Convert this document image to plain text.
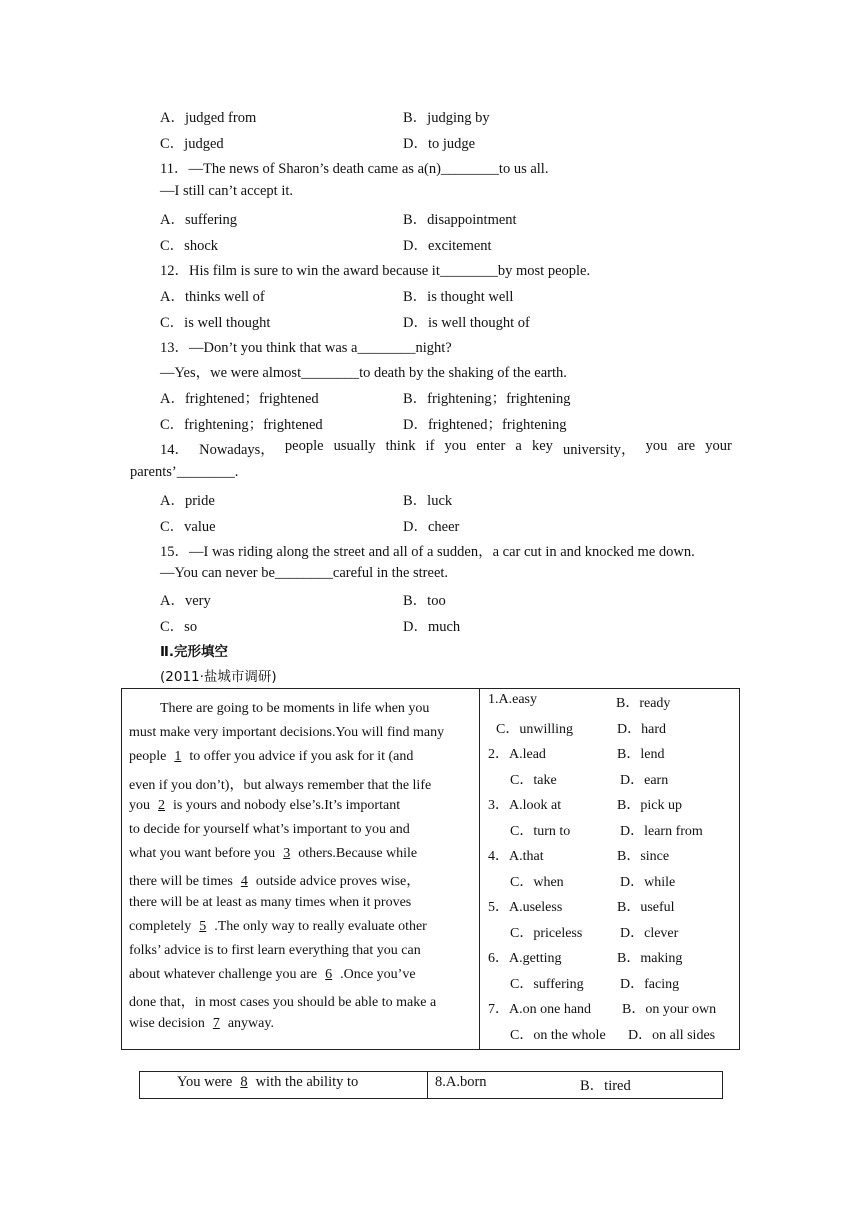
A．judged from	B．judging by
C．judged	D．to judge
11．—The news of Sharon’s death came as a(n)________to us all.
—I still can’t accept it.
A．suffering	B．disappointment
C．shock	D．excitement
12．His film is sure to win the award because it________by most people.
A．thinks well of	B．is thought well
C．is well thought	D．is well thought of
13．—Don’t you think that was a________night?
—Yes，we were almost________to death by the shaking of the earth.
A．frightened；frightened	B．frightening；frightening
C．frightening；frightened	D．frightened；frightening
14． Nowadays， people usually think if you enter a key university， you are your
parents’________.
A．pride	B．luck
C．value	D．cheer
15．—I was riding along the street and all of a sudden，a car cut in and knocked me down.
—You can never be________careful in the street.
A．very	B．too
C．so	D．much
Ⅱ.完形填空
(2011·盐城市调研)
There are going to be moments in life when you
must make very important decisions.You will find many
people 1 to offer you advice if you ask for it (and
even if you don’t)，but always remember that the life
you 2 is yours and nobody else’s.It’s important
to decide for yourself what’s important to you and
what you want before you 3 others.Because while
there will be times 4 outside advice proves wise，
there will be at least as many times when it proves
completely 5 .The only way to really evaluate other
folks’ advice is to first learn everything that you can
about whatever challenge you are 6 .Once you’ve
done that，in most cases you should be able to make a
wise decision 7 anyway.
1.A.easy	B．ready
C．unwilling	D．hard
2．A.lead	B．lend
C．take	D．earn
3．A.look at	B．pick up
C．turn to	D．learn from
4．A.that	B．since
C．when	D．while
5．A.useless	B．useful
C．priceless	D．clever
6．A.getting	B．making
C．suffering	D．facing
7．A.on one hand B．on your own
C．on the whole D．on all sides
You were 8 with the ability to	8.A.born	B．tired
